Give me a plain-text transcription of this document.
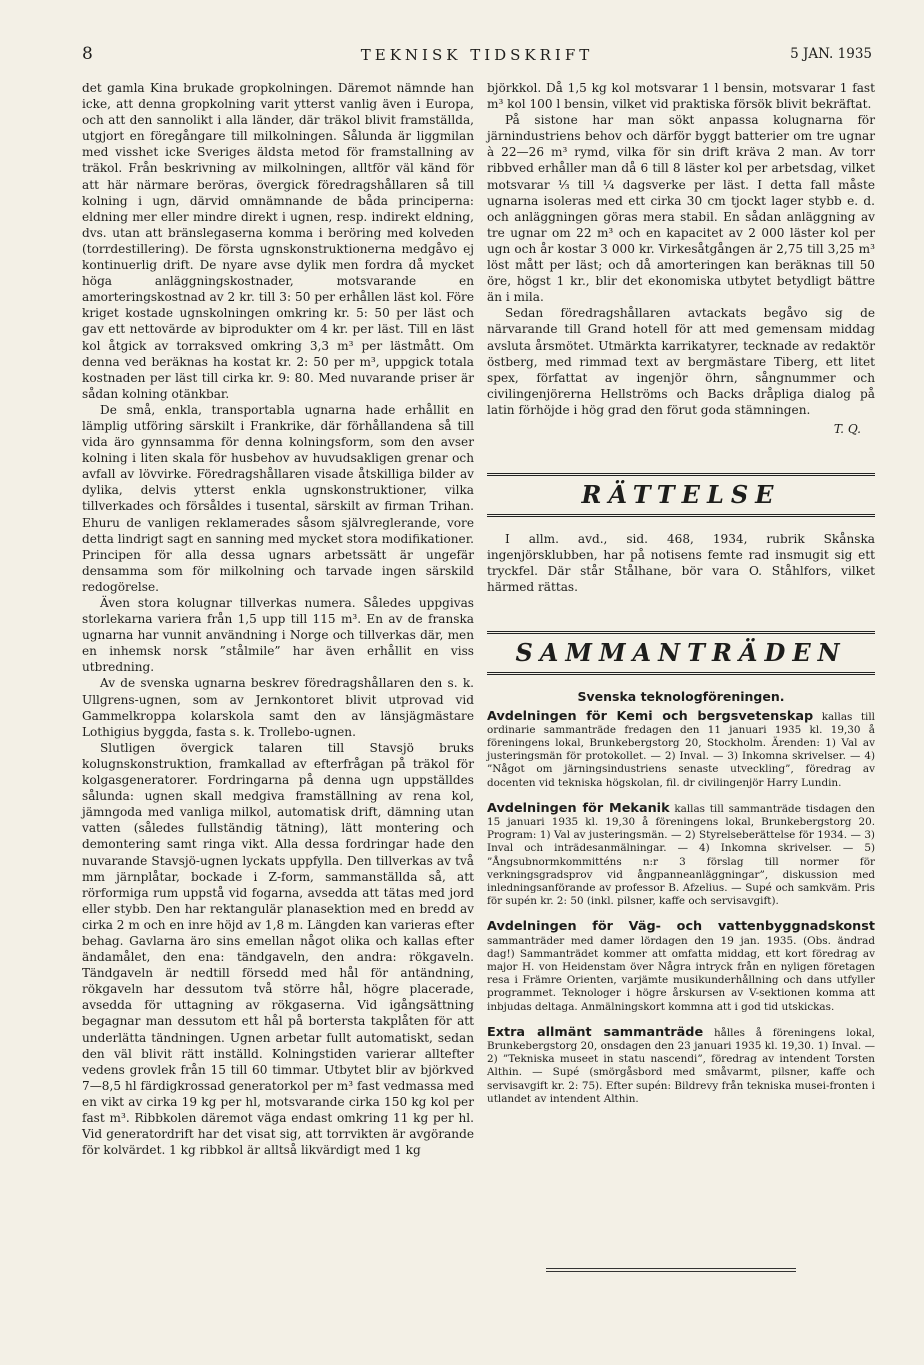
8	TEKNISK TIDSKRIFT	5 JAN. 1935

det gamla Kina brukade gropkolningen. Däremot nämnde han icke, att denna gropkolning varit ytterst vanlig även i Europa, och att den sannolikt i alla länder, där träkol blivit framställda, utgjort en föregångare till milkolningen. Sålunda är liggmilan med visshet icke Sveriges äldsta metod för framstallning av träkol. Från beskrivning av milkolningen, alltför väl känd för att här närmare beröras, övergick föredragshållaren så till kolning i ugn, därvid omnämnande de båda principerna: eldning mer eller mindre direkt i ugnen, resp. indirekt eldning, dvs. utan att bränslegaserna komma i beröring med kolveden (torrdestillering). De första ugnskonstruktionerna medgåvo ej kontinuerlig drift. De nyare avse dylik men fordra då mycket höga anläggningskostnader, motsvarande en amorteringskostnad av 2 kr. till 3: 50 per erhållen läst kol. Före kriget kostade ugnskolningen omkring kr. 5: 50 per läst och gav ett nettovärde av biprodukter om 4 kr. per läst. Till en läst kol åtgick av torraksved omkring 3,3 m³ per lästmått. Om denna ved beräknas ha kostat kr. 2: 50 per m³, uppgick totala kostnaden per läst till cirka kr. 9: 80. Med nuvarande priser är sådan kolning otänkbar.

De små, enkla, transportabla ugnarna hade erhållit en lämplig utföring särskilt i Frankrike, där förhållandena så till vida äro gynnsamma för denna kolningsform, som den avser kolning i liten skala för husbehov av huvudsakligen grenar och avfall av lövvirke. Föredragshållaren visade åtskilliga bilder av dylika, delvis ytterst enkla ugnskonstruktioner, vilka tillverkades och försåldes i tusental, särskilt av firman Trihan. Ehuru de vanligen reklamerades såsom självreglerande, vore detta lindrigt sagt en sanning med mycket stora modifikationer. Principen för alla dessa ugnars arbetssätt är ungefär densamma som för milkolning och tarvade ingen särskild redogörelse.

Även stora kolugnar tillverkas numera. Således uppgivas storlekarna variera från 1,5 upp till 115 m³. En av de franska ugnarna har vunnit användning i Norge och tillverkas där, men en inhemsk norsk ”stålmile” har även erhållit en viss utbredning.

Av de svenska ugnarna beskrev föredragshållaren den s. k. Ullgrens-ugnen, som av Jernkontoret blivit utprovad vid Gammelkroppa kolarskola samt den av länsjägmästare Lothigius byggda, fasta s. k. Trollebo-ugnen.

Slutligen övergick talaren till Stavsjö bruks kolugnskonstruktion, framkallad av efterfrågan på träkol för kolgasgeneratorer. Fordringarna på denna ugn uppställdes sålunda: ugnen skall medgiva framställning av rena kol, jämngoda med vanliga milkol, automatisk drift, dämning utan vatten (således fullständig tätning), lätt montering och demontering samt ringa vikt. Alla dessa fordringar hade den nuvarande Stavsjö-ugnen lyckats uppfylla. Den tillverkas av två mm järnplåtar, bockade i Z-form, sammanställda så, att rörformiga rum uppstå vid fogarna, avsedda att tätas med jord eller stybb. Den har rektangulär planasektion med en bredd av cirka 2 m och en inre höjd av 1,8 m. Längden kan varieras efter behag. Gavlarna äro sins emellan något olika och kallas efter ändamålet, den ena: tändgaveln, den andra: rökgaveln. Tändgaveln är nedtill försedd med hål för antändning, rökgaveln har dessutom två större hål, högre placerade, avsedda för uttagning av rökgaserna. Vid igångsättning begagnar man dessutom ett hål på bortersta takplåten för att underlätta tändningen. Ugnen arbetar fullt automatiskt, sedan den väl blivit rätt inställd. Kolningstiden varierar alltefter vedens grovlek från 15 till 60 timmar. Utbytet blir av björkved 7—8,5 hl färdigkrossad generatorkol per m³ fast vedmassa med en vikt av cirka 19 kg per hl, motsvarande cirka 150 kg kol per fast m³. Ribbkolen däremot väga endast omkring 11 kg per hl. Vid generatordrift har det visat sig, att torrvikten är avgörande för kolvärdet. 1 kg ribbkol är alltså likvärdigt med 1 kg

björkkol. Då 1,5 kg kol motsvarar 1 l bensin, motsvarar 1 fast m³ kol 100 l bensin, vilket vid praktiska försök blivit bekräftat.

På sistone har man sökt anpassa kolugnarna för järnindustriens behov och därför byggt batterier om tre ugnar à 22—26 m³ rymd, vilka för sin drift kräva 2 man. Av torr ribbved erhåller man då 6 till 8 läster kol per arbetsdag, vilket motsvarar ⅓ till ¼ dagsverke per läst. I detta fall måste ugnarna isoleras med ett cirka 30 cm tjockt lager stybb e. d. och anläggningen göras mera stabil. En sådan anläggning av tre ugnar om 22 m³ och en kapacitet av 2 000 läster kol per ugn och år kostar 3 000 kr. Virkesåtgången är 2,75 till 3,25 m³ löst mått per läst; och då amorteringen kan beräknas till 50 öre, högst 1 kr., blir det ekonomiska utbytet betydligt bättre än i mila.

Sedan föredragshållaren avtackats begåvo sig de närvarande till Grand hotell för att med gemensam middag avsluta årsmötet. Utmärkta karrikatyrer, tecknade av redaktör östberg, med rimmad text av bergmästare Tiberg, ett litet spex, författat av ingenjör öhrn, sångnummer och civilingenjörerna Hellströms och Backs dråpliga dialog på latin förhöjde i hög grad den förut goda stämningen.

T. Q.
RÄTTELSE

I allm. avd., sid. 468, 1934, rubrik Skånska ingenjörsklubben, har på notisens femte rad insmugit sig ett tryckfel. Där står Stålhane, bör vara O. Ståhlfors, vilket härmed rättas.

SAMMANTRÄDEN
Svenska teknologföreningen.
Avdelningen för Kemi och bergsvetenskap kallas till ordinarie sammanträde fredagen den 11 januari 1935 kl. 19,30 å föreningens lokal, Brunkebergstorg 20, Stockholm. Ärenden: 1) Val av justeringsmän för protokollet. — 2) Inval. — 3) Inkomna skrivelser. — 4) ”Något om järningsindustriens senaste utveckling”, föredrag av docenten vid tekniska högskolan, fil. dr civilingenjör Harry Lundin.
Avdelningen för Mekanik kallas till sammanträde tisdagen den 15 januari 1935 kl. 19,30 å föreningens lokal, Brunkebergstorg 20. Program: 1) Val av justeringsmän. — 2) Styrelseberättelse för 1934. — 3) Inval och inträdesanmälningar. — 4) Inkomna skrivelser. — 5) ”Ångsubnormkommitténs n:r 3 förslag till normer för verkningsgradsprov vid ångpanneanläggningar”, diskussion med inledningsanförande av professor B. Afzelius. — Supé och samkväm. Pris för supén kr. 2: 50 (inkl. pilsner, kaffe och servisavgift).
Avdelningen för Väg- och vattenbyggnadskonst sammanträder med damer lördagen den 19 jan. 1935. (Obs. ändrad dag!) Sammanträdet kommer att omfatta middag, ett kort föredrag av major H. von Heidenstam över Några intryck från en nyligen företagen resa i Främre Orienten, varjämte musikunderhållning och dans utfyller programmet. Teknologer i högre årskursen av V-sektionen komma att inbjudas deltaga. Anmälningskort kommna att i god tid utskickas.
Extra allmänt sammanträde hålles å föreningens lokal, Brunkebergstorg 20, onsdagen den 23 januari 1935 kl. 19,30. 1) Inval. — 2) ”Tekniska museet in statu nascendi”, föredrag av intendent Torsten Althin. — Supé (smörgåsbord med småvarmt, pilsner, kaffe och servisavgift kr. 2: 75). Efter supén: Bildrevy från tekniska musei-fronten i utlandet av intendent Althin.
